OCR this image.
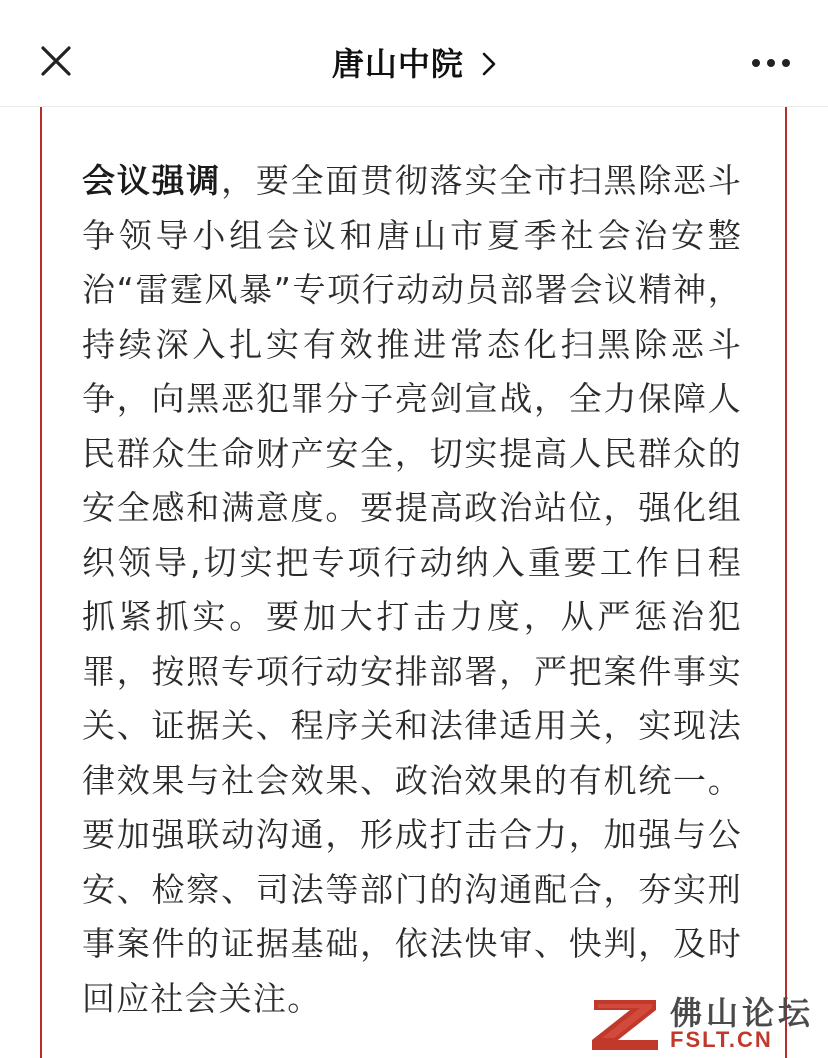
唐山中院

会议强调，要全面贯彻落实全市扫黑除恶斗争领导小组会议和唐山市夏季社会治安整治“雷霆风暴”专项行动动员部署会议精神，持续深入扎实有效推进常态化扫黑除恶斗争，向黑恶犯罪分子亮剑宣战，全力保障人民群众生命财产安全，切实提高人民群众的安全感和满意度。要提高政治站位，强化组织领导,切实把专项行动纳入重要工作日程抓紧抓实。要加大打击力度，从严惩治犯罪，按照专项行动安排部署，严把案件事实关、证据关、程序关和法律适用关，实现法律效果与社会效果、政治效果的有机统一。要加强联动沟通，形成打击合力，加强与公安、检察、司法等部门的沟通配合，夯实刑事案件的证据基础，依法快审、快判，及时回应社会关注。	佛山论坛
FSLT.CN
